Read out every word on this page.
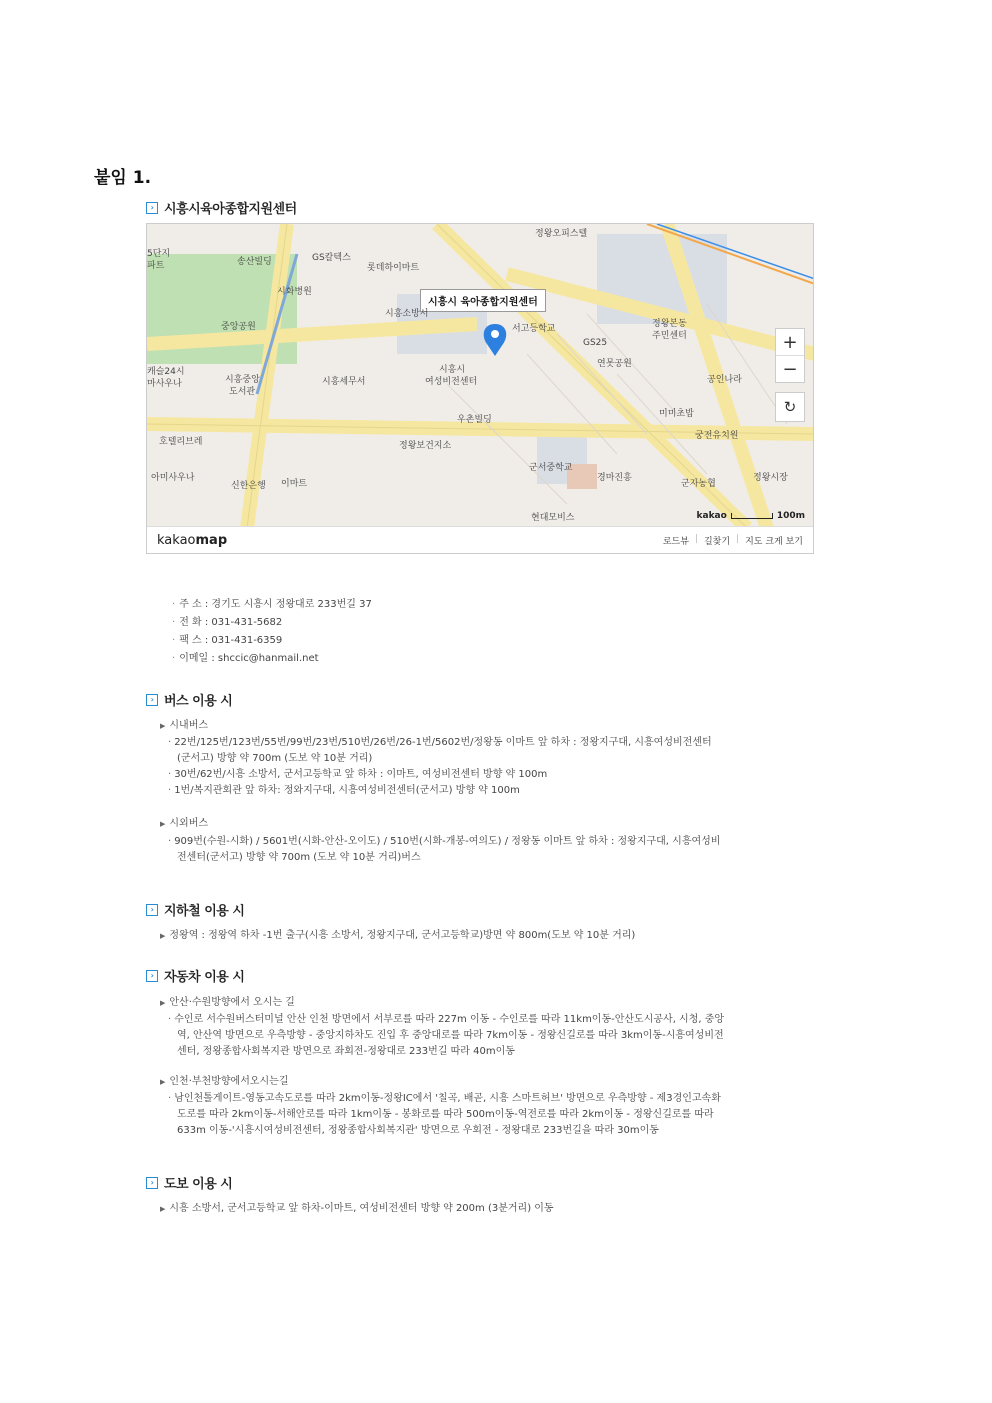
붙임 1.
› 시흥시육아종합지원센터
시흥시 육아종합지원센터
정왕오피스텔
GS칼텍스
송산빌딩
롯데하이마트
시화병원
중앙공원
시흥소방서
서고등학교
GS25
정왕본동
주민센터
연못공원
시흥중앙
도서관
시흥세무서
시흥시
여성비전센터
우촌빌딩
공인나라
미미초밥
궁전유치원
정왕보건지소
호텔리브레
군서중학교
경마진흥
군자농협
정왕시장
아미사우나
신한은행 이마트
현대모비스
캐슬24시
마사우나
5단지
파트
+
−
↻
kakao	100m
kakaomap	로드뷰 | 길찾기 | 지도 크게 보기
· 주 소 : 경기도 시흥시 정왕대로 233번길 37
· 전 화 : 031-431-5682
· 팩 스 : 031-431-6359
· 이메일 : shccic@hanmail.net
› 버스 이용 시
▶ 시내버스
· 22번/125번/123번/55번/99번/23번/510번/26번/26-1번/5602번/정왕동 이마트 앞 하차 : 정왕지구대, 시흥여성비전센터
(군서고) 방향 약 700m (도보 약 10분 거리)
· 30번/62번/시흥 소방서, 군서고등학교 앞 하차 : 이마트, 여성비전센터 방향 약 100m
· 1번/복지관회관 앞 하차: 정와지구대, 시흥여성비전센터(군서고) 방향 약 100m
▶ 시외버스
· 909번(수원-시화) / 5601번(시화-안산-오이도) / 510번(시화-개봉-여의도) / 정왕동 이마트 앞 하차 : 정왕지구대, 시흥여성비
전센터(군서고) 방향 약 700m (도보 약 10분 거리)버스
› 지하철 이용 시
▶ 정왕역 : 정왕역 하차 -1번 출구(시흥 소방서, 정왕지구대, 군서고등학교)방면 약 800m(도보 약 10분 거리)
› 자동차 이용 시
▶ 안산·수원방향에서 오시는 길
· 수인로 서수원버스터미널 안산 인천 방면에서 서부로를 따라 227m 이동 - 수인로를 따라 11km이동-안산도시공사, 시청, 중앙
역, 안산역 방면으로 우측방향 - 중앙지하차도 진입 후 중앙대로를 따라 7km이동 - 정왕신길로를 따라 3km이동-시흥여성비전
센터, 정왕종합사회복지관 방면으로 좌회전-정왕대로 233번길 따라 40m이동
▶ 인천·부천방향에서오시는길
· 남인천톨게이트-영동고속도로를 따라 2km이동-정왕IC에서 '칠곡, 배곧, 시흥 스마트허브' 방면으로 우측방향 - 제3경인고속화
도로를 따라 2km이동-서해안로를 따라 1km이동 - 봉화로를 따라 500m이동-역전로를 따라 2km이동 - 정왕신길로를 따라
633m 이동-'시흥시여성비전센터, 정왕종합사회복지관' 방면으로 우회전 - 정왕대로 233번길을 따라 30m이동
› 도보 이용 시
▶ 시흥 소방서, 군서고등학교 앞 하차-이마트, 여성비전센터 방향 약 200m (3분거리) 이동
